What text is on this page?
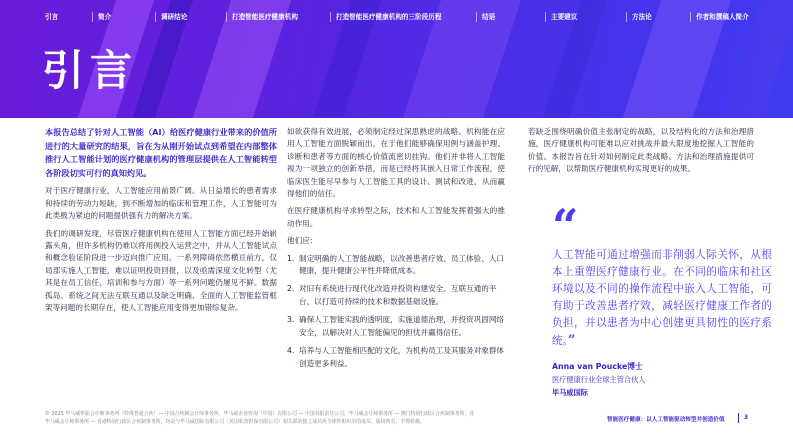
引言	简介	调研结论	打造智能医疗健康机构	打造智能医疗健康机构的三阶段历程	结语	主要建议	方法论	作者和撰稿人简介
引言

本报告总结了针对人工智能（AI）给医疗健康行业带来的价值所进行的大量研究的结果，旨在为从刚开始试点到希望在内部整体推行人工智能计划的医疗健康机构的管理层提供在人工智能转型各阶段切实可行的真知灼见。

对于医疗健康行业，人工智能应用前景广阔。从日益增长的患者需求和持续的劳动力短缺，到不断增加的临床和管理工作，人工智能可为此类极为紧迫的问题提供强有力的解决方案。

我们的调研发现，尽管医疗健康机构在使用人工智能方面已经开始崭露头角，但许多机构仍难以将用例投入运营之中，并从人工智能试点和概念验证阶段进一步迈向推广应用。一系列障碍依然横亘前方，仅局部实施人工智能，难以证明投资回报，以及亟需深度文化转型（尤其是在员工信任、培训和参与方面）等一系列问题仍屡见不鲜。数据孤岛、系统之间无法互联互通以及缺乏明确、全面的人工智能监管框架等问题的长期存在，使人工智能应用变得更加错综复杂。

如欲获得有效进展，必须制定经过深思熟虑的战略。机构能在应用人工智能方面脱颖而出，在于他们能够确保用例与涵盖护理、诊断和患者等方面的核心价值流密切挂钩。他们并非将人工智能视为一项独立的创新举措，而是已经将其嵌入日常工作流程，使临床医生能尽早参与人工智能工具的设计、测试和改进，从而赢得他们的信任。

在医疗健康机构寻求转型之际，技术和人工智能发挥着强大的推动作用。

他们应：

1. 制定明确的人工智能战略，以改善患者疗效、员工体验、人口健康，提升健康公平性并降低成本。
2. 对旧有系统进行现代化改造并投资构建安全、互联互通的平台，以打造可持续的技术和数据基础设施。
3. 确保人工智能实践的透明度，实施道德治理，并投资巩固网络安全，以解决对人工智能偏见的担忧并赢得信任。
4. 培养与人工智能相匹配的文化，为机构员工及其服务对象群体创造更多利益。

若缺乏围绕明确价值主张制定的战略，以及结构化的方法和治理措施，医疗健康机构可能难以应对挑战并最大限度地挖掘人工智能的价值。本报告旨在针对如何制定此类战略、方法和治理措施提供可行的见解，以帮助医疗健康机构实现更好的成果。

“
人工智能可通过增强而非削弱人际关怀，从根本上重塑医疗健康行业。在不同的临床和社区环境以及不同的操作流程中嵌入人工智能，可有助于改善患者疗效，减轻医疗健康工作者的负担，并以患者为中心创建更具韧性的医疗系统。”
Anna van Poucke博士
医疗健康行业全球主管合伙人
毕马威国际
© 2025 毕马威华振会计师事务所（特殊普通合伙）— 中国合伙制会计师事务所，毕马威企业咨询（中国）有限公司 — 中国有限责任公司，毕马威会计师事务所 — 澳门特别行政区合伙制事务所，及毕马威会计师事务所 — 香港特别行政区合伙制事务所，均是与毕马威国际有限公司（英国私营担保有限公司）相关联的独立成员所全球性组织中的成员。版权所有，不得转载。	智能医疗健康：以人工智能驱动转型并创造价值	3
